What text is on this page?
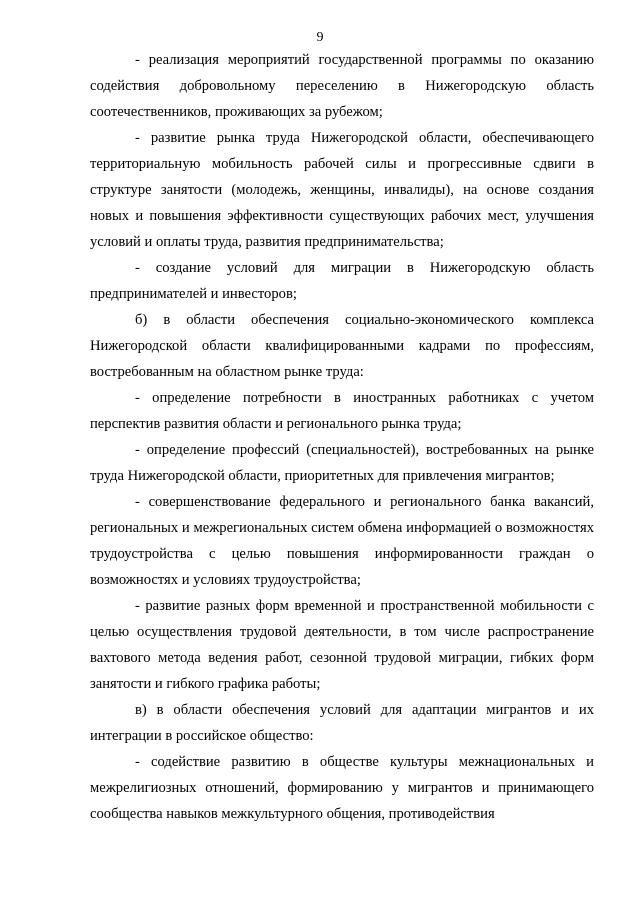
9

- реализация мероприятий государственной программы по оказанию содействия добровольному переселению в Нижегородскую область соотечественников, проживающих за рубежом;

- развитие рынка труда Нижегородской области, обеспечивающего территориальную мобильность рабочей силы и прогрессивные сдвиги в структуре занятости (молодежь, женщины, инвалиды), на основе создания новых и повышения эффективности существующих рабочих мест, улучшения условий и оплаты труда, развития предпринимательства;

- создание условий для миграции в Нижегородскую область предпринимателей и инвесторов;

б) в области обеспечения социально-экономического комплекса Нижегородской области квалифицированными кадрами по профессиям, востребованным на областном рынке труда:

- определение потребности в иностранных работниках с учетом перспектив развития области и регионального рынка труда;

- определение профессий (специальностей), востребованных на рынке труда Нижегородской области, приоритетных для привлечения мигрантов;

- совершенствование федерального и регионального банка вакансий, региональных и межрегиональных систем обмена информацией о возможностях трудоустройства с целью повышения информированности граждан о возможностях и условиях трудоустройства;

- развитие разных форм временной и пространственной мобильности с целью осуществления трудовой деятельности, в том числе распространение вахтового метода ведения работ, сезонной трудовой миграции, гибких форм занятости и гибкого графика работы;

в) в области обеспечения условий для адаптации мигрантов и их интеграции в российское общество:

- содействие развитию в обществе культуры межнациональных и межрелигиозных отношений, формированию у мигрантов и принимающего сообщества навыков межкультурного общения, противодействия
